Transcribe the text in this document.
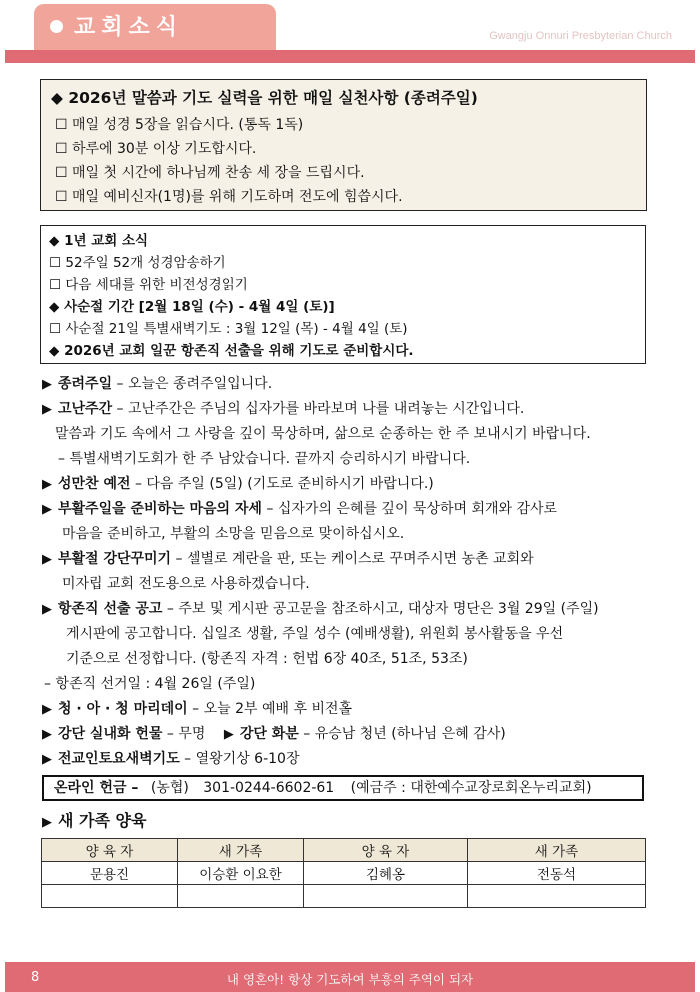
교회소식	Gwangju Onnuri Presbyterian Church
◆ 2026년 말씀과 기도 실력을 위한 매일 실천사항 (종려주일)
☐ 매일 성경 5장을 읽습시다. (통독 1독)
☐ 하루에 30분 이상 기도합시다.
☐ 매일 첫 시간에 하나님께 찬송 세 장을 드립시다.
☐ 매일 예비신자(1명)를 위해 기도하며 전도에 힘씁시다.
◆ 1년 교회 소식
☐ 52주일 52개 성경암송하기
☐ 다음 세대를 위한 비전성경읽기
◆ 사순절 기간 [2월 18일 (수) - 4월 4일 (토)]
☐ 사순절 21일 특별새벽기도 : 3월 12일 (목) - 4월 4일 (토)
◆ 2026년 교회 일꾼 항존직 선출을 위해 기도로 준비합시다.
▶ 종려주일 – 오늘은 종려주일입니다.
▶ 고난주간 – 고난주간은 주님의 십자가를 바라보며 나를 내려놓는 시간입니다.
말씀과 기도 속에서 그 사랑을 깊이 묵상하며, 삶으로 순종하는 한 주 보내시기 바랍니다.
– 특별새벽기도회가 한 주 남았습니다. 끝까지 승리하시기 바랍니다.
▶ 성만찬 예전 – 다음 주일 (5일) (기도로 준비하시기 바랍니다.)
▶ 부활주일을 준비하는 마음의 자세 – 십자가의 은혜를 깊이 묵상하며 회개와 감사로
마음을 준비하고, 부활의 소망을 믿음으로 맞이하십시오.
▶ 부활절 강단꾸미기 – 셀별로 계란을 판, 또는 케이스로 꾸며주시면 농촌 교회와
미자립 교회 전도용으로 사용하겠습니다.
▶ 항존직 선출 공고 – 주보 및 게시판 공고문을 참조하시고, 대상자 명단은 3월 29일 (주일)
게시판에 공고합니다. 십일조 생활, 주일 성수 (예배생활), 위원회 봉사활동을 우선
기준으로 선정합니다. (항존직 자격 : 헌법 6장 40조, 51조, 53조)
– 항존직 선거일 : 4월 26일 (주일)
▶ 청 · 아 · 청 마리데이 – 오늘 2부 예배 후 비전홀
▶ 강단 실내화 헌물 – 무명 ▶ 강단 화분 – 유승남 청년 (하나님 은혜 감사)
▶ 전교인토요새벽기도 – 열왕기상 6-10장
온라인 헌금 – (농협) 301-0244-6602-61 (예금주 : 대한예수교장로회온누리교회)
▶ 새 가족 양육
양 육 자	새 가족	양 육 자	새 가족
문용진	이승환 이요한	김혜옹	전동석

8	내 영혼아! 항상 기도하여 부흥의 주역이 되자
